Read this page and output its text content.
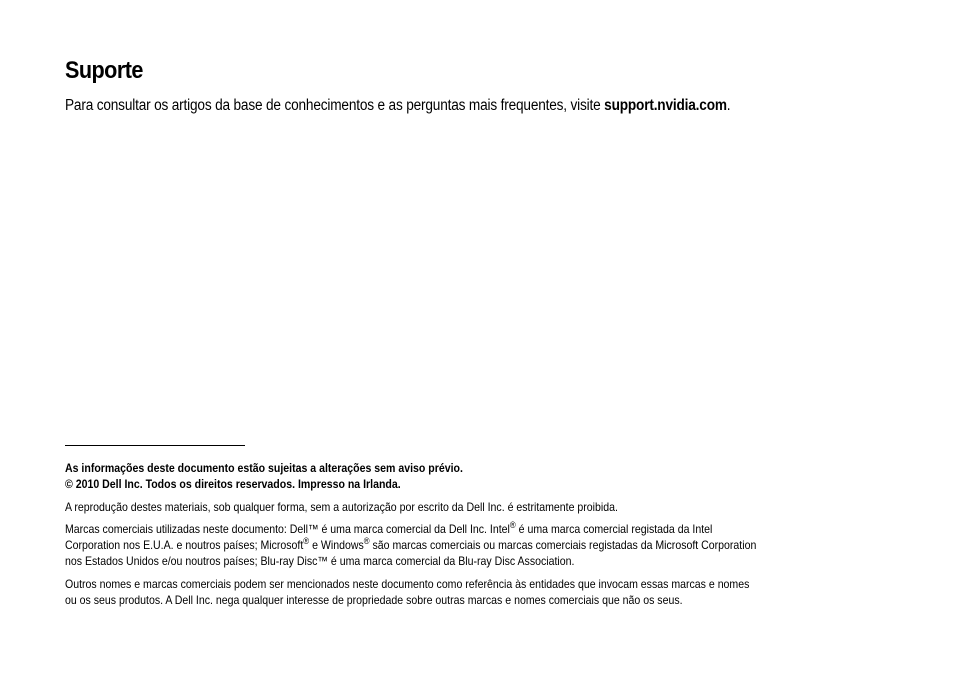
Suporte

Para consultar os artigos da base de conhecimentos e as perguntas mais frequentes, visite support.nvidia.com.

As informações deste documento estão sujeitas a alterações sem aviso prévio.
© 2010 Dell Inc. Todos os direitos reservados. Impresso na Irlanda.

A reprodução destes materiais, sob qualquer forma, sem a autorização por escrito da Dell Inc. é estritamente proibida.

Marcas comerciais utilizadas neste documento: Dell™ é uma marca comercial da Dell Inc. Intel® é uma marca comercial registada da Intel
Corporation nos E.U.A. e noutros países; Microsoft® e Windows® são marcas comerciais ou marcas comerciais registadas da Microsoft Corporation
nos Estados Unidos e/ou noutros países; Blu-ray Disc™ é uma marca comercial da Blu-ray Disc Association.

Outros nomes e marcas comerciais podem ser mencionados neste documento como referência às entidades que invocam essas marcas e nomes
ou os seus produtos. A Dell Inc. nega qualquer interesse de propriedade sobre outras marcas e nomes comerciais que não os seus.
